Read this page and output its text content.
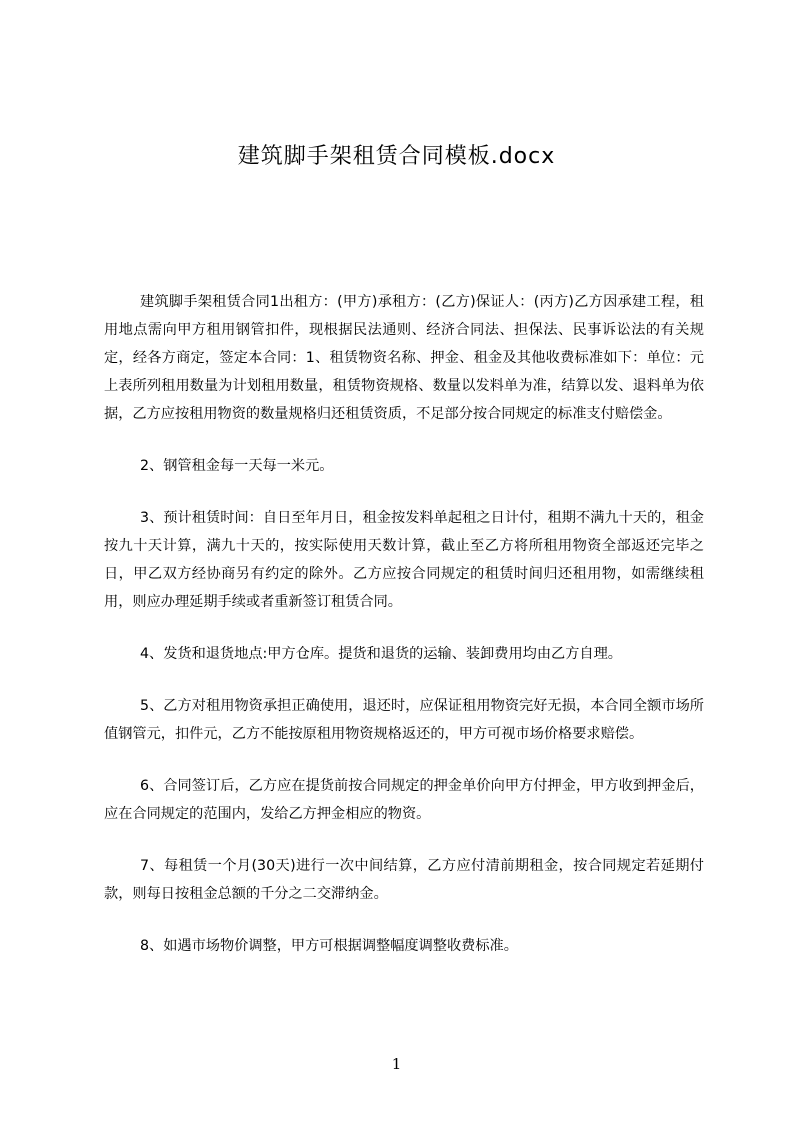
建筑脚手架租赁合同模板.docx

建筑脚手架租赁合同1出租方：(甲方)承租方：(乙方)保证人：(丙方)乙方因承建工程，租用地点需向甲方租用钢管扣件，现根据民法通则、经济合同法、担保法、民事诉讼法的有关规定，经各方商定，签定本合同：1、租赁物资名称、押金、租金及其他收费标准如下：单位：元上表所列租用数量为计划租用数量，租赁物资规格、数量以发料单为准，结算以发、退料单为依据，乙方应按租用物资的数量规格归还租赁资质，不足部分按合同规定的标准支付赔偿金。

2、钢管租金每一天每一米元。

3、预计租赁时间：自日至年月日，租金按发料单起租之日计付，租期不满九十天的，租金按九十天计算，满九十天的，按实际使用天数计算，截止至乙方将所租用物资全部返还完毕之日，甲乙双方经协商另有约定的除外。乙方应按合同规定的租赁时间归还租用物，如需继续租用，则应办理延期手续或者重新签订租赁合同。

4、发货和退货地点:甲方仓库。提货和退货的运输、装卸费用均由乙方自理。

5、乙方对租用物资承担正确使用，退还时，应保证租用物资完好无损，本合同全额市场所值钢管元，扣件元，乙方不能按原租用物资规格返还的，甲方可视市场价格要求赔偿。

6、合同签订后，乙方应在提货前按合同规定的押金单价向甲方付押金，甲方收到押金后，应在合同规定的范围内，发给乙方押金相应的物资。

7、每租赁一个月(30天)进行一次中间结算，乙方应付清前期租金，按合同规定若延期付款，则每日按租金总额的千分之二交滞纳金。

8、如遇市场物价调整，甲方可根据调整幅度调整收费标准。

1
